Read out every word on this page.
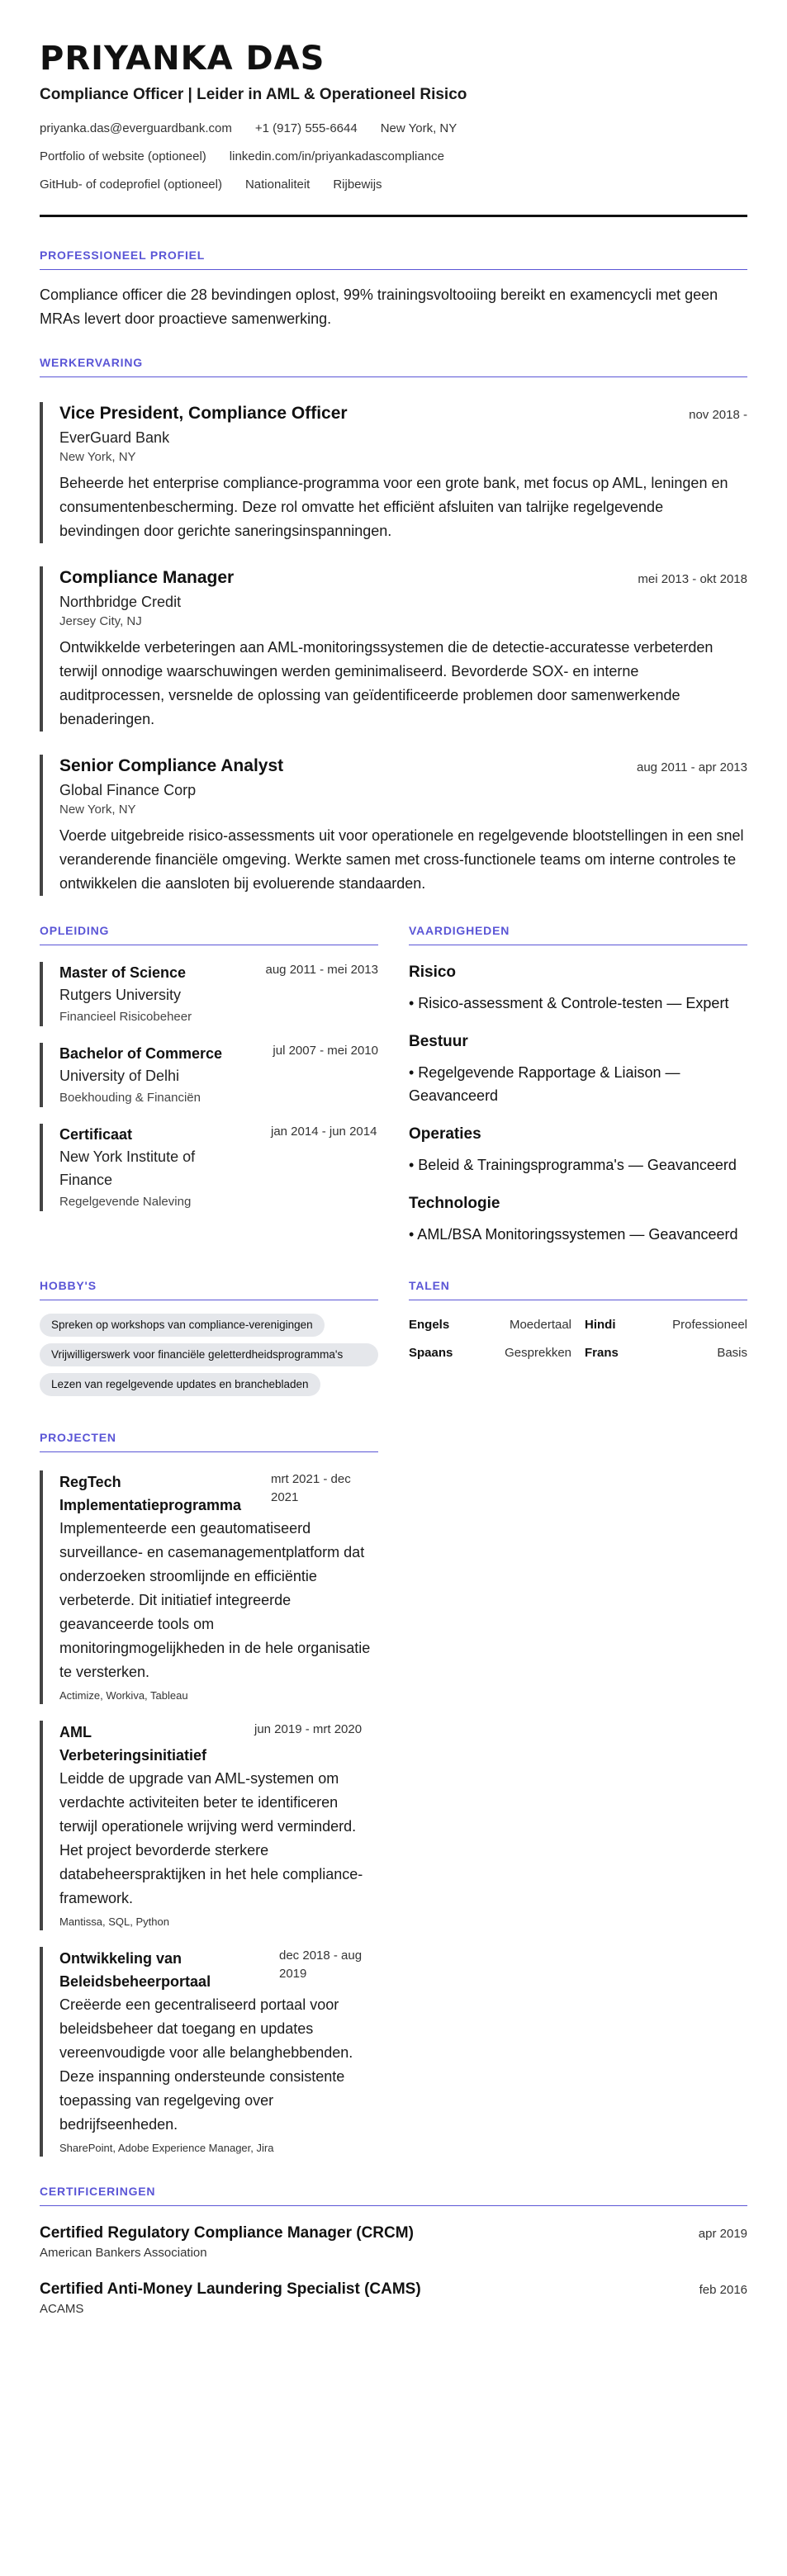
PRIYANKA DAS
Compliance Officer | Leider in AML & Operationeel Risico
priyanka.das@everguardbank.com +1 (917) 555-6644 New York, NY
Portfolio of website (optioneel) linkedin.com/in/priyankadascompliance
GitHub- of codeprofiel (optioneel) Nationaliteit Rijbewijs
PROFESSIONEEL PROFIEL

Compliance officer die 28 bevindingen oplost, 99% trainingsvoltooiing bereikt en examencycli met geen MRAs levert door proactieve samenwerking.

WERKERVARING
Vice President, Compliance Officer	nov 2018 -
EverGuard Bank
New York, NY

Beheerde het enterprise compliance-programma voor een grote bank, met focus op AML, leningen en consumentenbescherming. Deze rol omvatte het efficiënt afsluiten van talrijke regelgevende bevindingen door gerichte saneringsinspanningen.

Compliance Manager	mei 2013 - okt 2018
Northbridge Credit
Jersey City, NJ

Ontwikkelde verbeteringen aan AML-monitoringssystemen die de detectie-accuratesse verbeterden terwijl onnodige waarschuwingen werden geminimaliseerd. Bevorderde SOX- en interne auditprocessen, versnelde de oplossing van geïdentificeerde problemen door samenwerkende benaderingen.

Senior Compliance Analyst	aug 2011 - apr 2013
Global Finance Corp
New York, NY

Voerde uitgebreide risico-assessments uit voor operationele en regelgevende blootstellingen in een snel veranderende financiële omgeving. Werkte samen met cross-functionele teams om interne controles te ontwikkelen die aansloten bij evoluerende standaarden.

OPLEIDING
Master of Science	aug 2011 - mei 2013
Rutgers University
Financieel Risicobeheer
Bachelor of Commerce	jul 2007 - mei 2010
University of Delhi
Boekhouding & Financiën
Certificaat
New York Institute of Finance
jan 2014 - jun 2014
Regelgevende Naleving
VAARDIGHEDEN
Risico
• Risico-assessment & Controle-testen — Expert
Bestuur
• Regelgevende Rapportage & Liaison — Geavanceerd
Operaties
• Beleid & Trainingsprogramma's — Geavanceerd
Technologie
• AML/BSA Monitoringssystemen — Geavanceerd
HOBBY'S
Spreken op workshops van compliance-verenigingen
Vrijwilligerswerk voor financiële geletterdheidsprogramma's
Lezen van regelgevende updates en branchebladen
TALEN
Engels	Moedertaal Hindi	Professioneel
Spaans	Gesprekken Frans	Basis
PROJECTEN
RegTech Implementatieprogramma
mrt 2021 - dec 2021

Implementeerde een geautomatiseerd surveillance- en casemanagementplatform dat onderzoeken stroomlijnde en efficiëntie verbeterde. Dit initiatief integreerde geavanceerde tools om monitoringmogelijkheden in de hele organisatie te versterken.

Actimize, Workiva, Tableau
AML Verbeteringsinitiatief
jun 2019 - mrt 2020

Leidde de upgrade van AML-systemen om verdachte activiteiten beter te identificeren terwijl operationele wrijving werd verminderd. Het project bevorderde sterkere databeheerspraktijken in het hele compliance-framework.

Mantissa, SQL, Python
Ontwikkeling van Beleidsbeheerportaal
dec 2018 - aug 2019

Creëerde een gecentraliseerd portaal voor beleidsbeheer dat toegang en updates vereenvoudigde voor alle belanghebbenden. Deze inspanning ondersteunde consistente toepassing van regelgeving over bedrijfseenheden.

SharePoint, Adobe Experience Manager, Jira
CERTIFICERINGEN
Certified Regulatory Compliance Manager (CRCM)	apr 2019
American Bankers Association
Certified Anti-Money Laundering Specialist (CAMS)	feb 2016
ACAMS
